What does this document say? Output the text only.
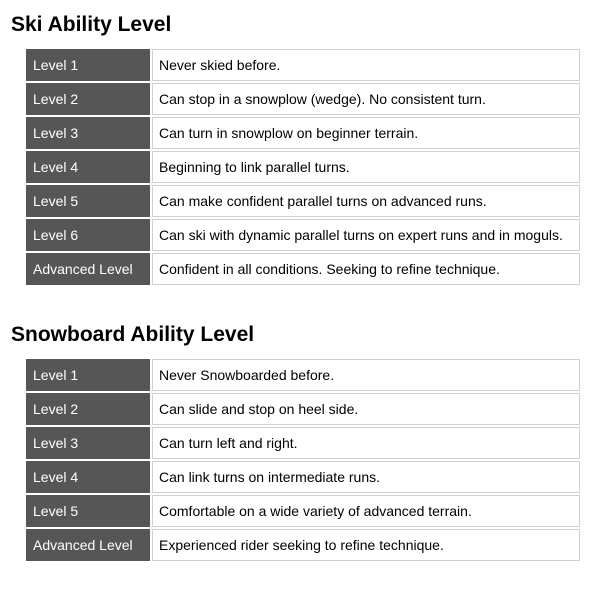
Ski Ability Level
Level 1	Never skied before.
Level 2	Can stop in a snowplow (wedge). No consistent turn.
Level 3	Can turn in snowplow on beginner terrain.
Level 4	Beginning to link parallel turns.
Level 5	Can make confident parallel turns on advanced runs.
Level 6	Can ski with dynamic parallel turns on expert runs and in moguls.
Advanced Level	Confident in all conditions. Seeking to refine technique.
Snowboard Ability Level
Level 1	Never Snowboarded before.
Level 2	Can slide and stop on heel side.
Level 3	Can turn left and right.
Level 4	Can link turns on intermediate runs.
Level 5	Comfortable on a wide variety of advanced terrain.
Advanced Level	Experienced rider seeking to refine technique.
